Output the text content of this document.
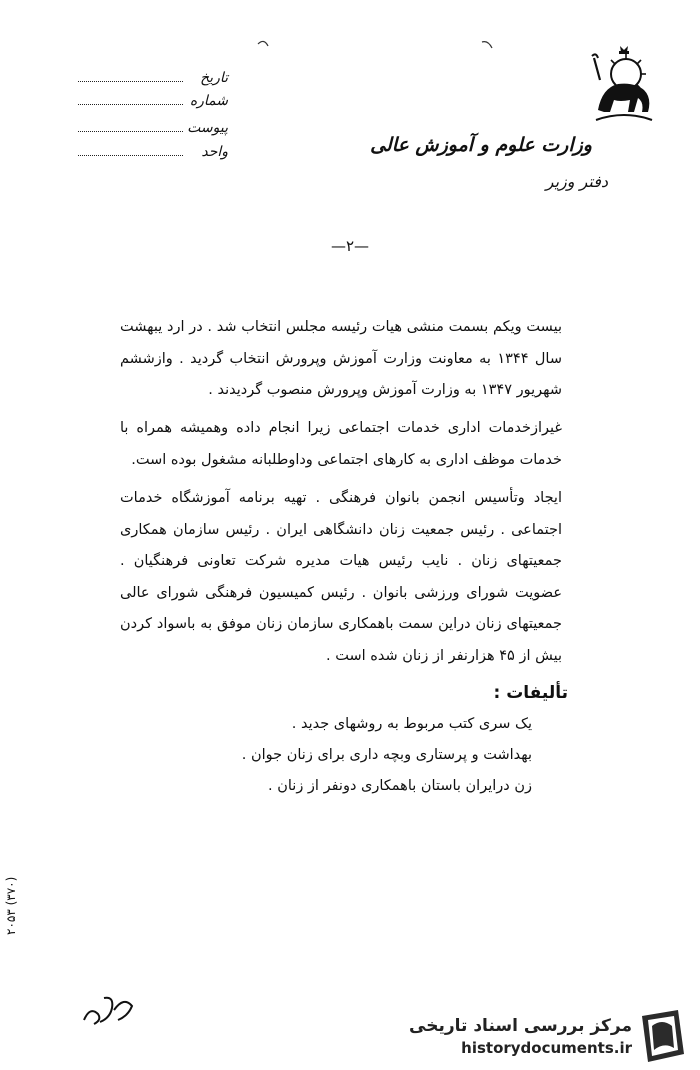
تاریخ
شماره
پیوست
واحد	وزارت علوم و آموزش عالی
دفتر وزیر
—۲—
بیست ویکم بسمت منشی هیات رئیسه مجلس انتخاب شد . در ارد یبهشت سال ۱۳۴۴ به معاونت وزارت آموزش وپرورش انتخاب گردید . وازششم شهریور ۱۳۴۷ به وزارت آموزش وپرورش منصوب گردیدند .
غیرازخدمات اداری خدمات اجتماعی زیرا انجام داده وهمیشه همراه با خدمات موظف اداری به کارهای اجتماعی وداوطلبانه مشغول بوده است.
ایجاد وتأسیس انجمن بانوان فرهنگی . تهیه برنامه آموزشگاه خدمات اجتماعی . رئیس جمعیت زنان دانشگاهی ایران . رئیس سازمان همکاری جمعیتهای زنان . نایب رئیس هیات مدیره شرکت تعاونی فرهنگیان . عضویت شورای ورزشی بانوان . رئیس کمیسیون فرهنگی شورای عالی جمعیتهای زنان دراین سمت باهمکاری سازمان زنان موفق به باسواد کردن بیش از ۴۵ هزارنفر از زنان شده است .
تألیفات :
یک سری کتب مربوط به روشهای جدید .
بهداشت و پرستاری وبچه داری برای زنان جوان .
زن درایران باستان باهمکاری دونفر از زنان .
(۳۷۰) ۲۰۵۳
مرکز بررسی اسناد تاریخی
historydocuments.ir
